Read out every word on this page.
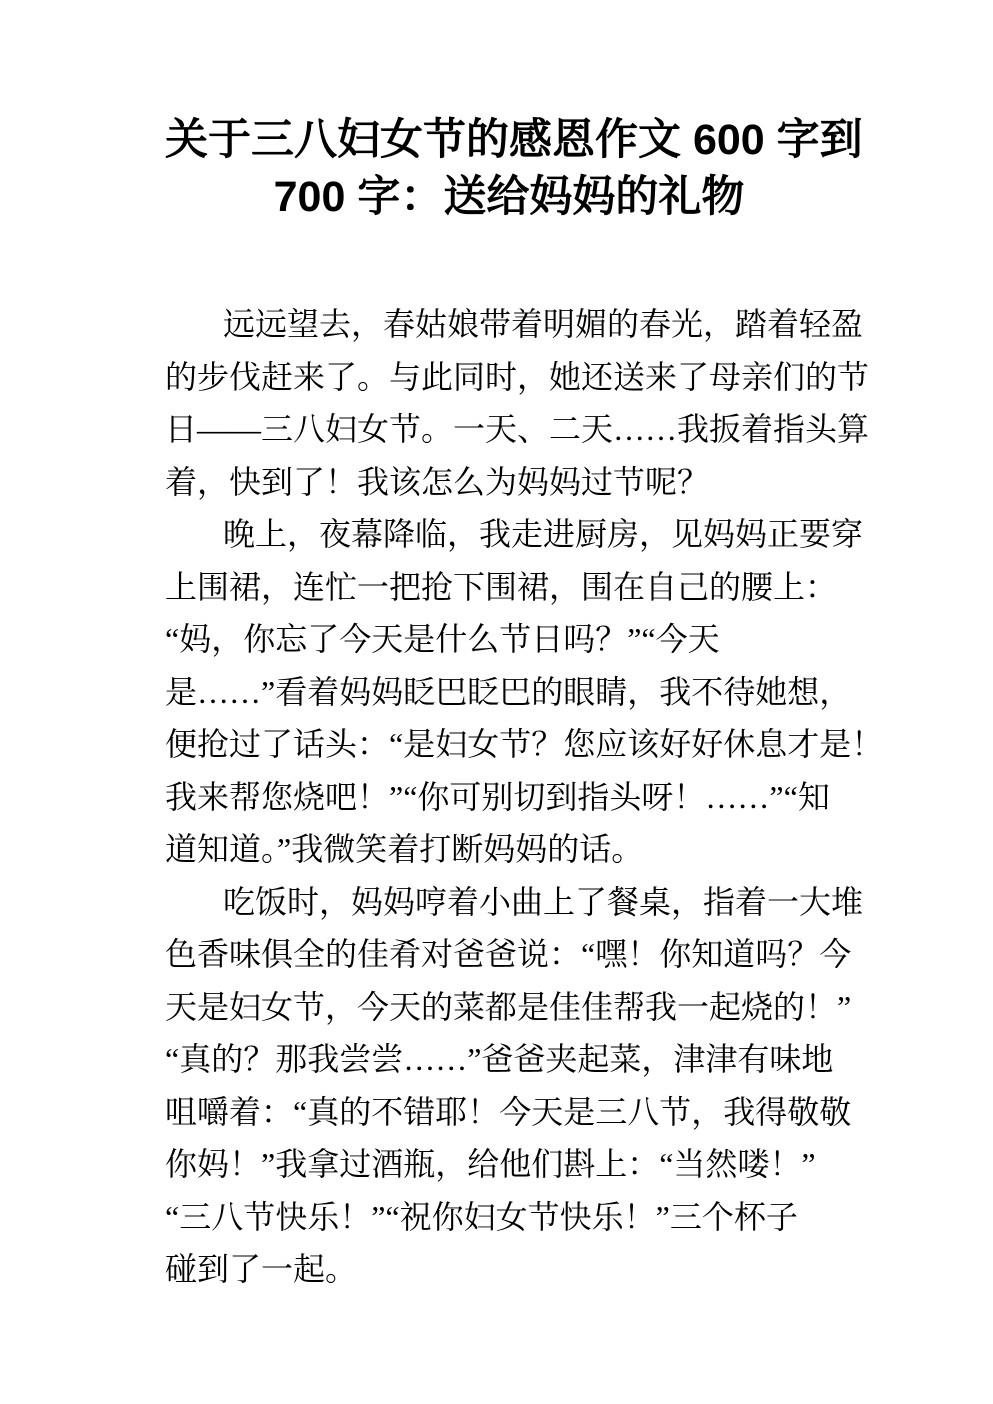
关于三八妇女节的感恩作文 600 字到
700 字：送给妈妈的礼物

远远望去，春姑娘带着明媚的春光，踏着轻盈
的步伐赶来了。与此同时，她还送来了母亲们的节
日——三八妇女节。一天、二天……我扳着指头算
着，快到了！我该怎么为妈妈过节呢？

晚上，夜幕降临，我走进厨房，见妈妈正要穿
上围裙，连忙一把抢下围裙，围在自己的腰上：
“妈，你忘了今天是什么节日吗？”“今天
是……”看着妈妈眨巴眨巴的眼睛，我不待她想，
便抢过了话头：“是妇女节？您应该好好休息才是！
我来帮您烧吧！”“你可别切到指头呀！……”“知
道知道。”我微笑着打断妈妈的话。

吃饭时，妈妈哼着小曲上了餐桌，指着一大堆
色香味俱全的佳肴对爸爸说：“嘿！你知道吗？今
天是妇女节，今天的菜都是佳佳帮我一起烧的！”
“真的？那我尝尝……”爸爸夹起菜，津津有味地
咀嚼着：“真的不错耶！今天是三八节，我得敬敬
你妈！”我拿过酒瓶，给他们斟上：“当然喽！”
“三八节快乐！”“祝你妇女节快乐！”三个杯子
碰到了一起。
